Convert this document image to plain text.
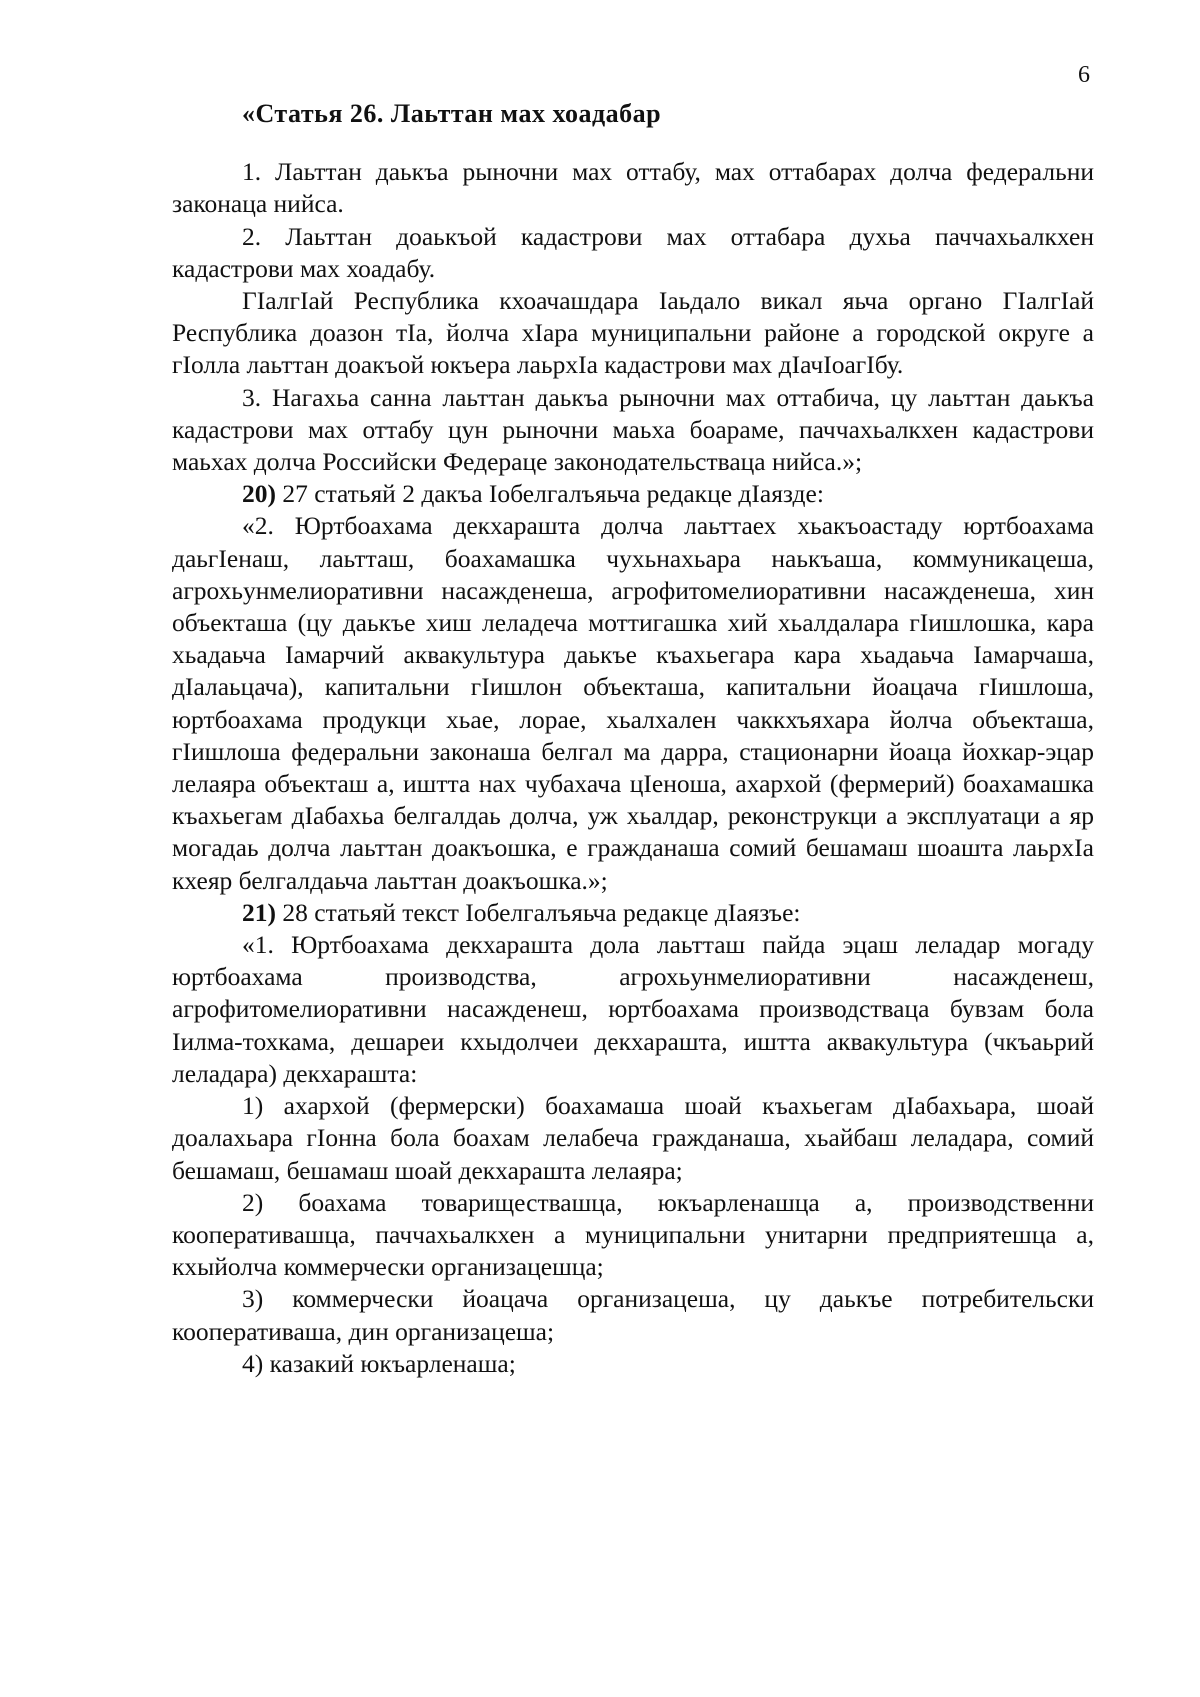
6
«Статья 26. Лаьттан мах хоадабар

1. Лаьттан даькъа рыночни мах оттабу, мах оттабарах долча федеральни законаца нийса.

2. Лаьттан доаькъой кадастрови мах оттабара духьа паччахьалкхен кадастрови мах хоадабу.

ГIалгIай Республика кхоачашдара Iаьдало викал яьча органо ГIалгIай Республика доазон тIа, йолча хIара муниципальни районе а городской округе а гIолла лаьттан доакъой юкъера лаьрхIа кадастрови мах дIачIоагIбу.

3. Нагахьа санна лаьттан даькъа рыночни мах оттабича, цу лаьттан даькъа кадастрови мах оттабу цун рыночни маьха боараме, паччахьалкхен кадастрови маьхах долча Российски Федераце законодательстваца нийса.»;

20) 27 статьяй 2 дакъа Iобелгалъяьча редакце дIаязде:

«2. Юртбоахама декхарашта долча лаьттаех хьакъоастаду юртбоахама даьгIенаш, лаьтташ, боахамашка чухьнахьара наькъаша, коммуникацеша, агрохьунмелиоративни насажденеша, агрофитомелиоративни насажденеша, хин объекташа (цу даькъе хиш леладеча моттигашка хий хьалдалара гIишлошка, кара хьадаьча Iамарчий аквакультура даькъе къахьегара кара хьадаьча Iамарчаша, дIалаьцача), капитальни гIишлон объекташа, капитальни йоацача гIишлоша, юртбоахама продукци хьае, лорае, хьалхален чаккхъяхара йолча объекташа, гIишлоша федеральни законаша белгал ма дарра, стационарни йоаца йохкар-эцар лелаяра объекташ а, иштта нах чубахача цIеноша, ахархой (фермерий) боахамашка къахьегам дIабахьа белгалдаь долча, уж хьалдар, реконструкци а эксплуатаци а яр могадаь долча лаьттан доакъошка, е гражданаша сомий бешамаш шоашта лаьрхIа кхеяр белгалдаьча лаьттан доакъошка.»;

21) 28 статьяй текст Iобелгалъяьча редакце дIаязъе:

«1. Юртбоахама декхарашта дола лаьтташ пайда эцаш леладар могаду юртбоахама производства, агрохьунмелиоративни насажденеш, агрофитомелиоративни насажденеш, юртбоахама производстваца бувзам бола Iилма-тохкама, дешареи кхыдолчеи декхарашта, иштта аквакультура (чкъаьрий леладара) декхарашта:

1) ахархой (фермерски) боахамаша шоай къахьегам дIабахьара, шоай доалахьара гIонна бола боахам лелабеча гражданаша, хьайбаш леладара, сомий бешамаш, бешамаш шоай декхарашта лелаяра;

2) боахама товариществашца, юкъарленашца а, производственни кооперативашца, паччахьалкхен а муниципальни унитарни предприятешца а, кхыйолча коммерчески организацешца;

3) коммерчески йоацача организацеша, цу даькъе потребительски кооперативаша, дин организацеша;

4) казакий юкъарленаша;
